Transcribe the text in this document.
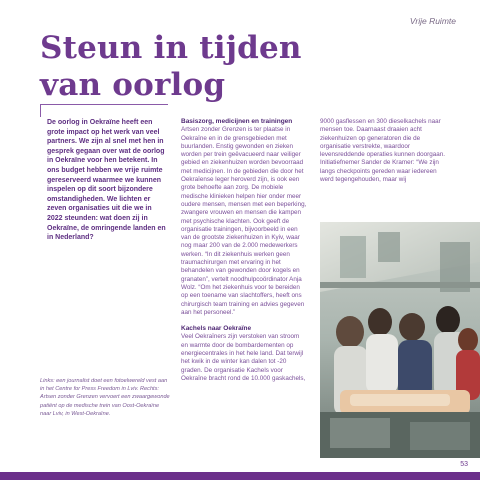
Vrije Ruimte
Steun in tijden
van oorlog

De oorlog in Oekraïne heeft een grote impact op het werk van veel partners. We zijn al snel met hen in gesprek gegaan over wat de oorlog in Oekraïne voor hen betekent. In ons budget hebben we vrije ruimte gereserveerd waarmee we kunnen inspelen op dit soort bijzondere omstandigheden. We lichten er zeven organisaties uit die we in 2022 steunden: wat doen zij in Oekraïne, de omringende landen en in Nederland?

Links: een journalist doet een fotoelwereld vest aan in het Centre for Press Freedom in Lviv. Rechts: Artsen zonder Grenzen vervoert een zwaargewonde patiënt op de medische trein van Oost-Oekraïne naar Lviv, in West-Oekraïne.

Basiszorg, medicijnen en trainingen

Artsen zonder Grenzen is ter plaatse in Oekraïne en in de grensgebieden met buurlanden. Enstig gewonden en zieken worden per trein geëvacueerd naar veiliger gebied en ziekenhuizen worden bevoorraad met medicijnen. In de gebieden die door het Oekraïense leger heroverd zijn, is ook een grote behoefte aan zorg. De mobiele medische klinieken helpen hier onder meer oudere mensen, mensen met een beperking, zwangere vrouwen en mensen die kampen met psychische klachten. Ook geeft de organisatie trainingen, bijvoorbeeld in een van de grootste ziekenhuizen in Kyiv, waar nog maar 200 van de 2.000 medewerkers werken. “In dit ziekenhuis werken geen traumachirurgen met ervaring in het behandelen van gewonden door kogels en granaten”, vertelt noodhulpcoördinator Anja Wolz. “Om het ziekenhuis voor te bereiden op een toename van slachtoffers, heeft ons chirurgisch team training en advies gegeven aan het personeel.”

Kachels naar Oekraïne

Veel Oekraïners zijn verstoken van stroom en warmte door de bombardementen op energiecentrales in het hele land. Dat terwijl het kwik in de winter kan dalen tot -20 graden. De organisatie Kachels voor Oekraïne bracht rond de 10.000 gaskachels,

9000 gasflessen en 300 dieselkachels naar mensen toe. Daarnaast draaien acht ziekenhuizen op generatoren die de organisatie verstrekte, waardoor levensreddende operaties kunnen doorgaan. Initiatiefnemer Sander de Kramer: “We zijn langs checkpoints gereden waar iedereen werd tegengehouden, maar wij

53
